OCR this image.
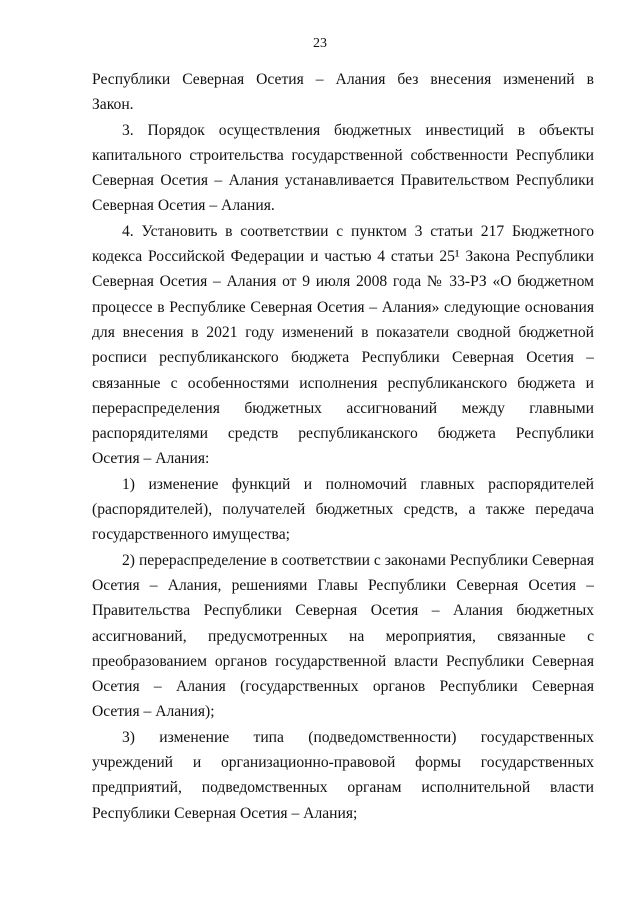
23
Республики Северная Осетия – Алания без внесения изменений в
Закон.
3. Порядок осуществления бюджетных инвестиций в объекты
капитального строительства государственной собственности Республики
Северная Осетия – Алания устанавливается Правительством Республики
Северная Осетия – Алания.
4. Установить в соответствии с пунктом 3 статьи 217 Бюджетного
кодекса Российской Федерации и частью 4 статьи 25¹ Закона Республики
Северная Осетия – Алания от 9 июля 2008 года № 33-РЗ «О бюджетном
процессе в Республике Северная Осетия – Алания» следующие основания
для внесения в 2021 году изменений в показатели сводной бюджетной
росписи республиканского бюджета Республики Северная Осетия –
связанные с особенностями исполнения республиканского бюджета и
перераспределения бюджетных ассигнований между главными
распорядителями средств республиканского бюджета Республики
Осетия – Алания:
1) изменение функций и полномочий главных распорядителей
(распорядителей), получателей бюджетных средств, а также передача
государственного имущества;
2) перераспределение в соответствии с законами Республики Северная
Осетия – Алания, решениями Главы Республики Северная Осетия –
Правительства Республики Северная Осетия – Алания бюджетных
ассигнований, предусмотренных на мероприятия, связанные с
преобразованием органов государственной власти Республики Северная
Осетия – Алания (государственных органов Республики Северная
Осетия – Алания);
3) изменение типа (подведомственности) государственных
учреждений и организационно-правовой формы государственных
предприятий, подведомственных органам исполнительной власти
Республики Северная Осетия – Алания;
